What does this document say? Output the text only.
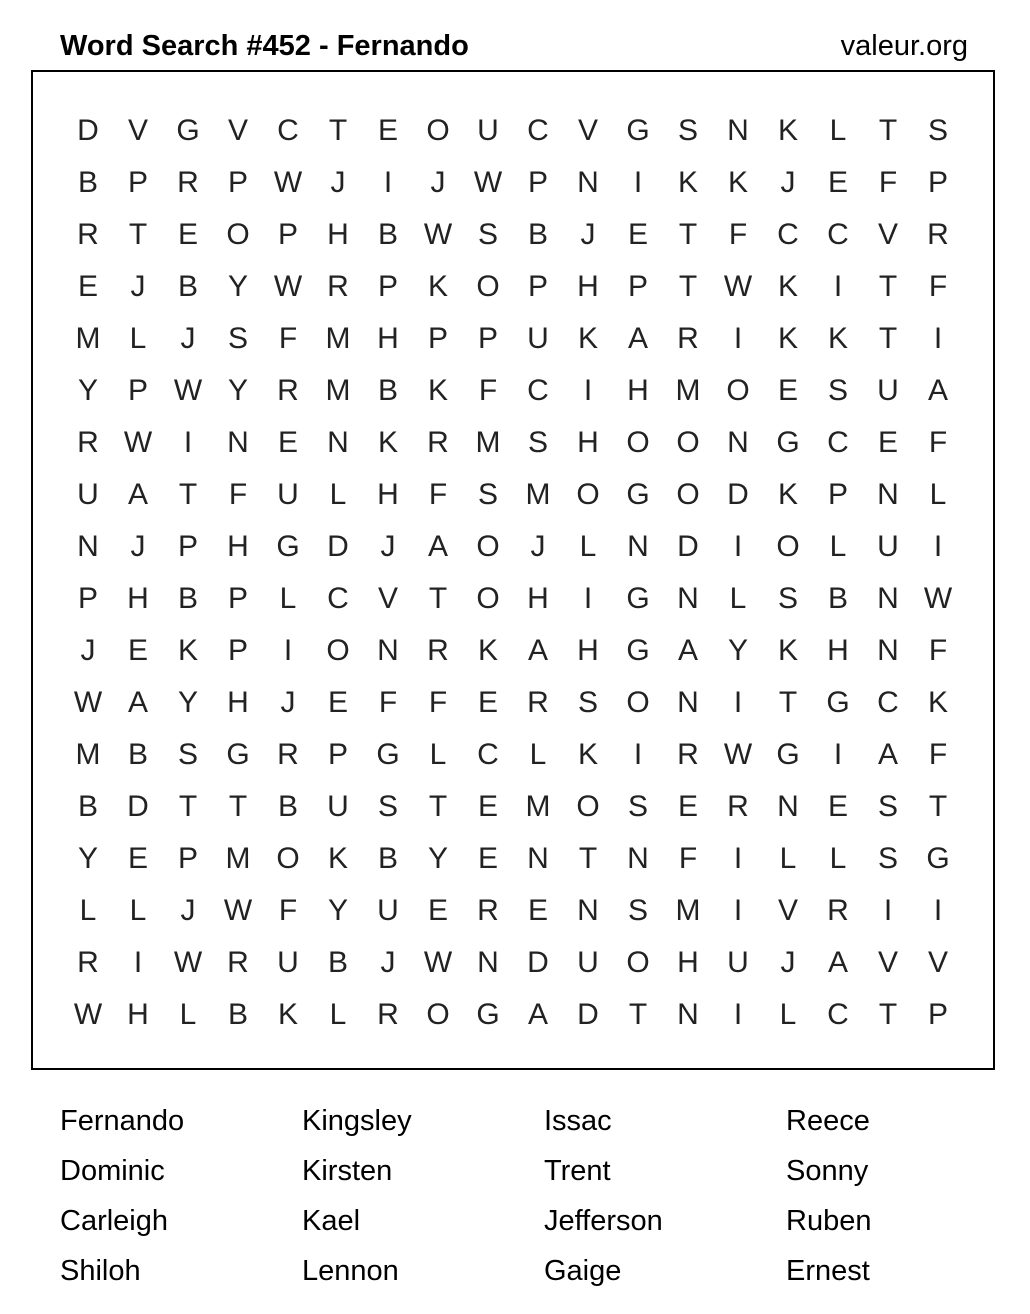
Word Search #452 - Fernando	valeur.org
D V G V C	T	E O U C V G S N K	L	T	S
B P R P W J	I	J W P N	I	K K	J	E	F	P
R	T	E O P H B W S B	J	E	T	F	C C V R
E	J	B Y W R P K O P H P	T W K	I	T	F
M L	J	S	F M H P P U K A R	I	K K	T	I
Y P W Y R M B K	F	C	I	H M O E S U A
R W	I	N E N K R M S H O O N G C E	F
U A	T	F	U	L	H	F	S M O G O D K P N	L
N	J	P H G D	J	A O	J	L	N D	I	O L	U	I
P H B P	L	C V	T O H	I	G N	L	S B N W
J	E K P	I	O N R K A H G A Y K H N	F
W A Y H	J	E	F	F	E R S O N	I	T G C K
M B S G R P G L	C	L	K	I	R W G	I	A	F
B D	T	T	B U S	T	E M O S E R N E S	T
Y E P M O K B Y E N	T	N	F	I	L	L	S G
L	L	J W F	Y U E R E N S M	I	V R	I	I
R	I	W R U B	J W N D U O H U	J	A V V
W H	L	B K	L	R O G A D	T	N	I	L	C	T	P
Fernando	Kingsley	Issac	Reece
Dominic	Kirsten	Trent	Sonny
Carleigh	Kael	Jefferson	Ruben
Shiloh	Lennon	Gaige	Ernest
